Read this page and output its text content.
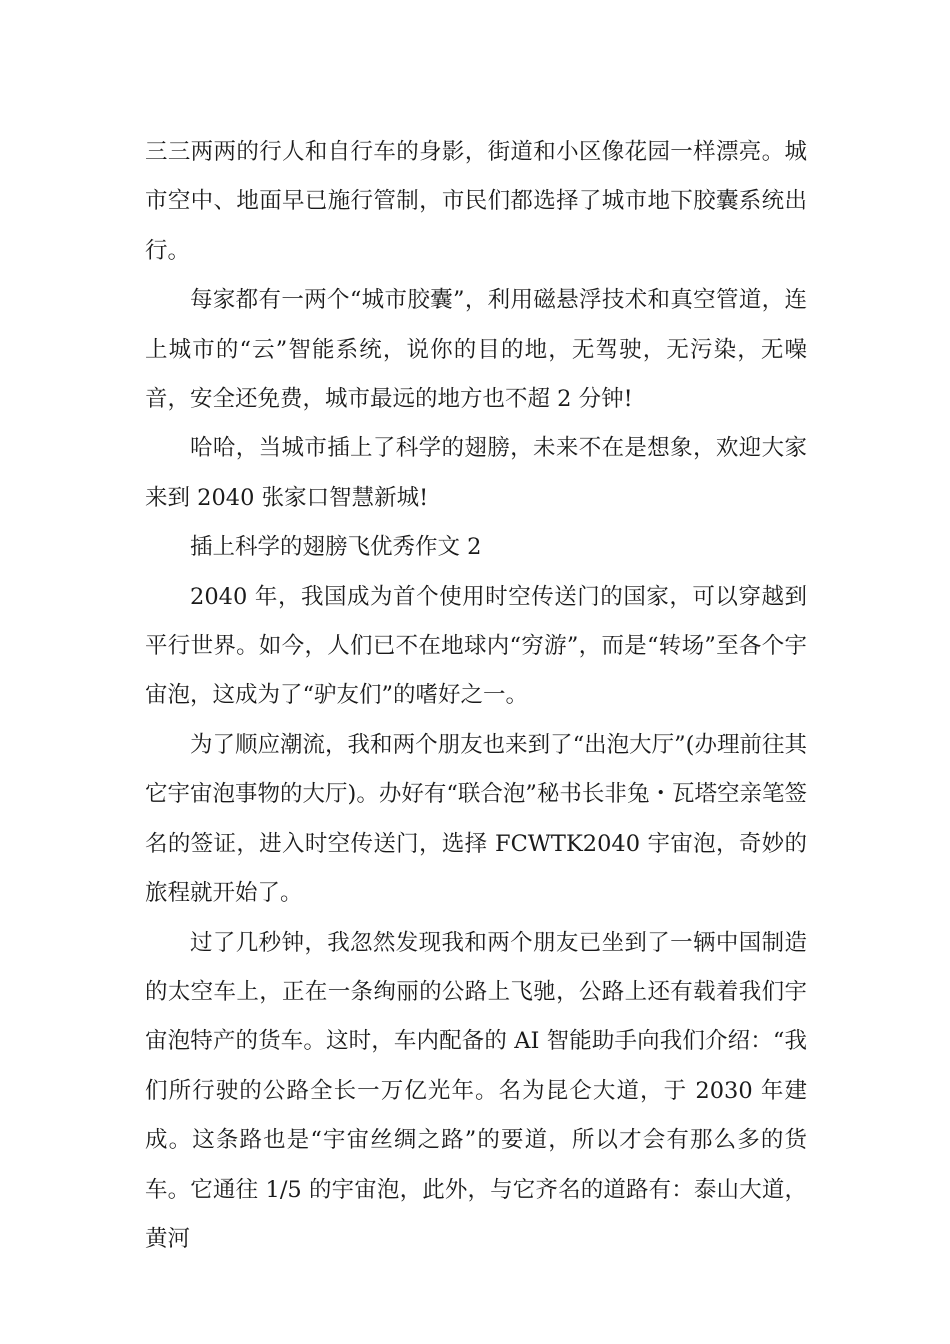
三三两两的行人和自行车的身影，街道和小区像花园一样漂亮。城市空中、地面早已施行管制，市民们都选择了城市地下胶囊系统出行。

每家都有一两个“城市胶囊”，利用磁悬浮技术和真空管道，连上城市的“云”智能系统，说你的目的地，无驾驶，无污染，无噪音，安全还免费，城市最远的地方也不超 2 分钟!

哈哈，当城市插上了科学的翅膀，未来不在是想象，欢迎大家来到 2040 张家口智慧新城!

插上科学的翅膀飞优秀作文 2

2040 年，我国成为首个使用时空传送门的国家，可以穿越到平行世界。如今，人们已不在地球内“穷游”，而是“转场”至各个宇宙泡，这成为了“驴友们”的嗜好之一。

为了顺应潮流，我和两个朋友也来到了“出泡大厅”(办理前往其它宇宙泡事物的大厅)。办好有“联合泡”秘书长非兔・瓦塔空亲笔签名的签证，进入时空传送门，选择 FCWTK2040 宇宙泡，奇妙的旅程就开始了。

过了几秒钟，我忽然发现我和两个朋友已坐到了一辆中国制造的太空车上，正在一条绚丽的公路上飞驰，公路上还有载着我们宇宙泡特产的货车。这时，车内配备的 AI 智能助手向我们介绍：“我们所行驶的公路全长一万亿光年。名为昆仑大道，于 2030 年建成。这条路也是“宇宙丝绸之路”的要道，所以才会有那么多的货车。它通往 1/5 的宇宙泡，此外，与它齐名的道路有：泰山大道，黄河
